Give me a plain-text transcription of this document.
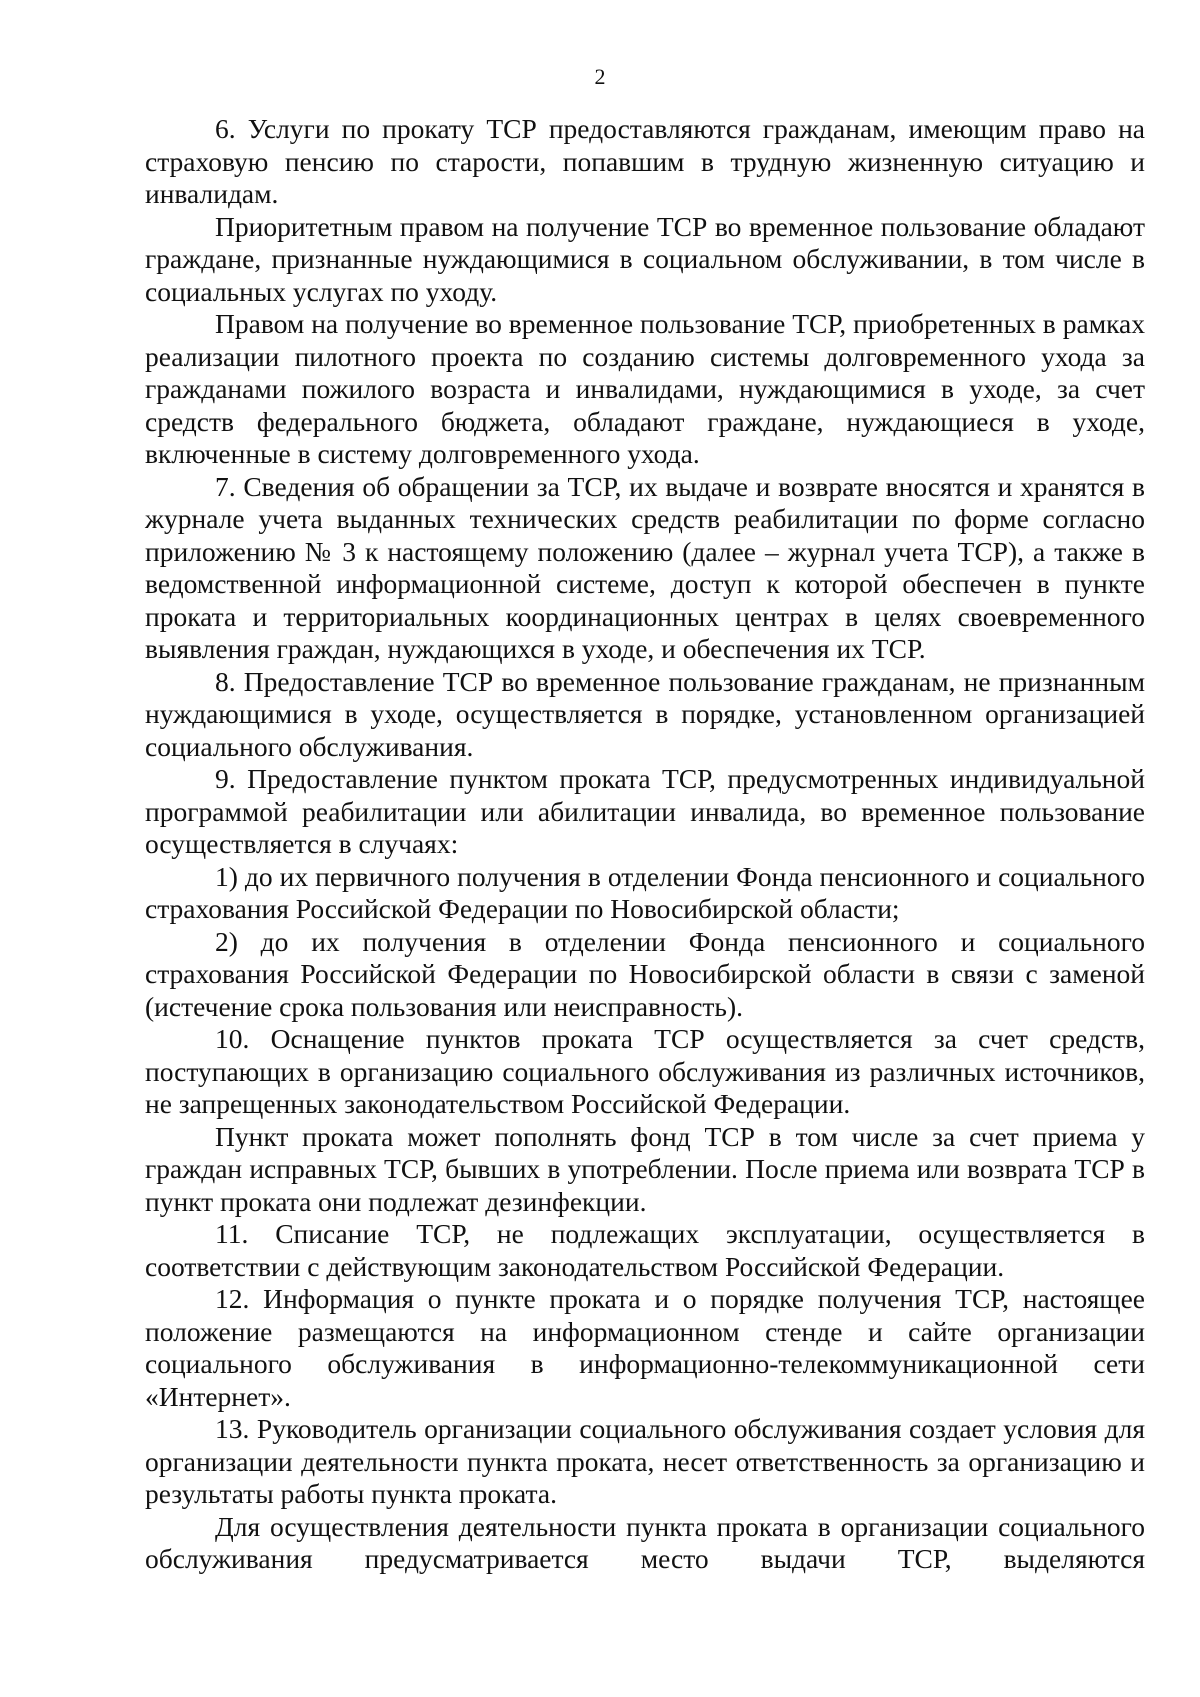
2

6. Услуги по прокату ТСР предоставляются гражданам, имеющим право на страховую пенсию по старости, попавшим в трудную жизненную ситуацию и инвалидам.

Приоритетным правом на получение ТСР во временное пользование обладают граждане, признанные нуждающимися в социальном обслуживании, в том числе в социальных услугах по уходу.

Правом на получение во временное пользование ТСР, приобретенных в рамках реализации пилотного проекта по созданию системы долговременного ухода за гражданами пожилого возраста и инвалидами, нуждающимися в уходе, за счет средств федерального бюджета, обладают граждане, нуждающиеся в уходе, включенные в систему долговременного ухода.

7. Сведения об обращении за ТСР, их выдаче и возврате вносятся и хранятся в журнале учета выданных технических средств реабилитации по форме согласно приложению № 3 к настоящему положению (далее – журнал учета ТСР), а также в ведомственной информационной системе, доступ к которой обеспечен в пункте проката и территориальных координационных центрах в целях своевременного выявления граждан, нуждающихся в уходе, и обеспечения их ТСР.

8. Предоставление ТСР во временное пользование гражданам, не признанным нуждающимися в уходе, осуществляется в порядке, установленном организацией социального обслуживания.

9. Предоставление пунктом проката ТСР, предусмотренных индивидуальной программой реабилитации или абилитации инвалида, во временное пользование осуществляется в случаях:

1) до их первичного получения в отделении Фонда пенсионного и социального страхования Российской Федерации по Новосибирской области;

2) до их получения в отделении Фонда пенсионного и социального страхования Российской Федерации по Новосибирской области в связи с заменой (истечение срока пользования или неисправность).

10. Оснащение пунктов проката ТСР осуществляется за счет средств, поступающих в организацию социального обслуживания из различных источников, не запрещенных законодательством Российской Федерации.

Пункт проката может пополнять фонд ТСР в том числе за счет приема у граждан исправных ТСР, бывших в употреблении. После приема или возврата ТСР в пункт проката они подлежат дезинфекции.

11. Списание ТСР, не подлежащих эксплуатации, осуществляется в соответствии с действующим законодательством Российской Федерации.

12. Информация о пункте проката и о порядке получения ТСР, настоящее положение размещаются на информационном стенде и сайте организации социального обслуживания в информационно-телекоммуникационной сети «Интернет».

13. Руководитель организации социального обслуживания создает условия для организации деятельности пункта проката, несет ответственность за организацию и результаты работы пункта проката.

Для осуществления деятельности пункта проката в организации социального обслуживания предусматривается место выдачи ТСР, выделяются
